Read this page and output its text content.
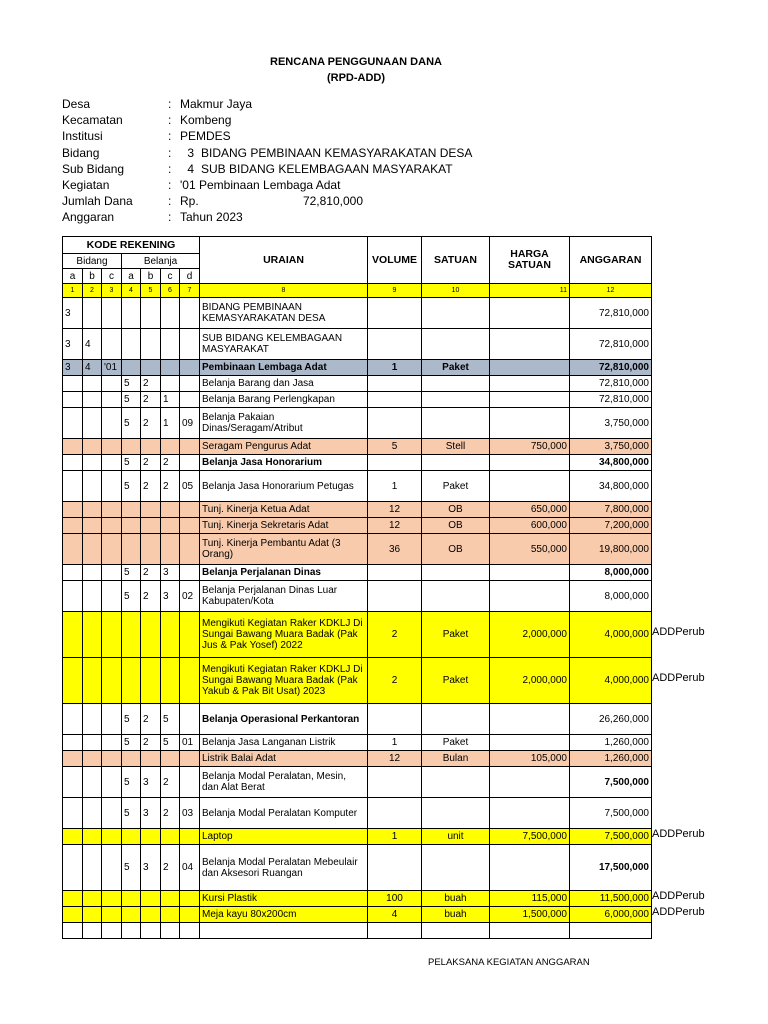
RENCANA PENGGUNAAN DANA
(RPD-ADD)
Desa	: Makmur Jaya
Kecamatan	: Kombeng
Institusi	: PEMDES
Bidang	:	3 BIDANG PEMBINAAN KEMASYARAKATAN DESA
Sub Bidang	:	4 SUB BIDANG KELEMBAGAAN MASYARAKAT
Kegiatan	: '01 Pembinaan Lembaga Adat
Jumlah Dana	: Rp.	72,810,000
Anggaran	: Tahun 2023
KODE REKENING							URAIAN	VOLUME	SATUAN	HARGA SATUAN	ANGGARAN
Bidang			Belanja								
a	b	c	a	b	c	d					
1	2	3	4	5	6	7	8	9	10	11	12
3							BIDANG PEMBINAAN KEMASYARAKATAN DESA				72,810,000
3	4						SUB BIDANG KELEMBAGAAN MASYARAKAT				72,810,000
3	4	'01					Pembinaan Lembaga Adat	1	Paket		72,810,000
			5	2			Belanja Barang dan Jasa				72,810,000
			5	2	1		Belanja Barang Perlengkapan				72,810,000
			5	2	1	09	Belanja Pakaian Dinas/Seragam/Atribut				3,750,000
							Seragam Pengurus Adat	5	Stell	750,000	3,750,000
			5	2	2		Belanja Jasa Honorarium				34,800,000
			5	2	2	05	Belanja Jasa Honorarium Petugas	1	Paket		34,800,000
							Tunj. Kinerja Ketua Adat	12	OB	650,000	7,800,000
							Tunj. Kinerja Sekretaris Adat	12	OB	600,000	7,200,000
							Tunj. Kinerja Pembantu Adat (3 Orang)	36	OB	550,000	19,800,000
			5	2	3		Belanja Perjalanan Dinas				8,000,000
			5	2	3	02	Belanja Perjalanan Dinas Luar Kabupaten/Kota				8,000,000
							Mengikuti Kegiatan Raker KDKLJ Di Sungai Bawang Muara Badak (Pak Jus & Pak Yosef) 2022	2	Paket	2,000,000	4,000,000
							Mengikuti Kegiatan Raker KDKLJ Di Sungai Bawang Muara Badak (Pak Yakub & Pak Bit Usat) 2023	2	Paket	2,000,000	4,000,000
			5	2	5		Belanja Operasional Perkantoran				26,260,000
			5	2	5	01	Belanja Jasa Langanan Listrik	1	Paket		1,260,000
							Listrik Balai Adat	12	Bulan	105,000	1,260,000
			5	3	2		Belanja Modal Peralatan, Mesin, dan Alat Berat				7,500,000
			5	3	2	03	Belanja Modal Peralatan Komputer				7,500,000
							Laptop	1	unit	7,500,000	7,500,000
			5	3	2	04	Belanja Modal Peralatan Mebeulair dan Aksesori Ruangan				17,500,000
							Kursi Plastik	100	buah	115,000	11,500,000
							Meja kayu 80x200cm	4	buah	1,500,000	6,000,000

ADDPerub
ADDPerub
ADDPerub
ADDPerub
ADDPerub
PELAKSANA KEGIATAN ANGGARAN
